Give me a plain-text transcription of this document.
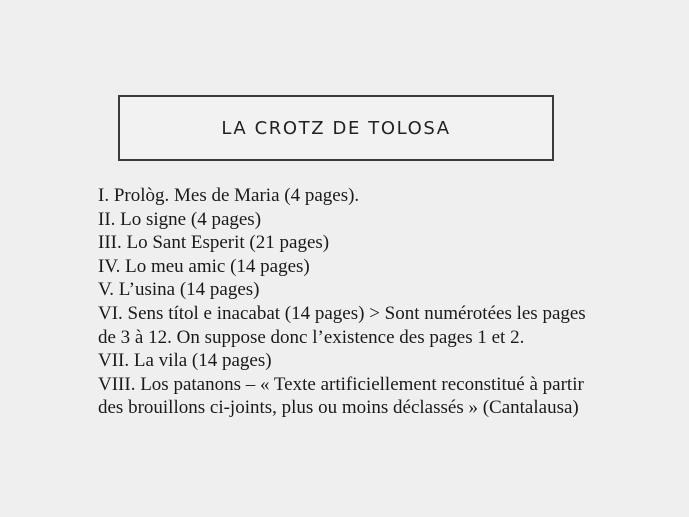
LA CROTZ DE TOLOSA
I. Prològ. Mes de Maria (4 pages).
II. Lo signe (4 pages)
III. Lo Sant Esperit (21 pages)
IV. Lo meu amic (14 pages)
V. L’usina (14 pages)
VI. Sens títol e inacabat (14 pages) > Sont numérotées les pages
de 3 à 12. On suppose donc l’existence des pages 1 et 2.
VII. La vila (14 pages)
VIII. Los patanons – « Texte artificiellement reconstitué à partir
des brouillons ci-joints, plus ou moins déclassés » (Cantalausa)
